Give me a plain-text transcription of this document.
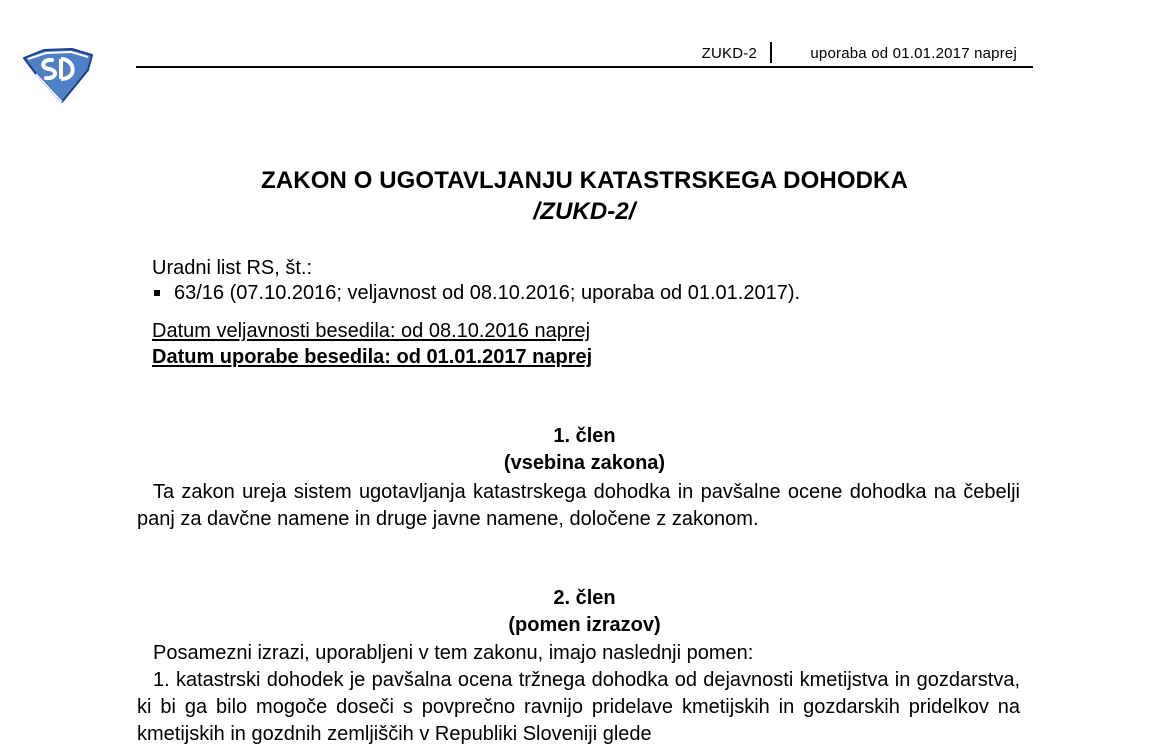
ZUKD-2	uporaba od 01.01.2017 naprej
ZAKON O UGOTAVLJANJU KATASTRSKEGA DOHODKA
/ZUKD-2/
Uradni list RS, št.:
63/16 (07.10.2016; veljavnost od 08.10.2016; uporaba od 01.01.2017).
Datum veljavnosti besedila: od 08.10.2016 naprej
Datum uporabe besedila: od 01.01.2017 naprej
1. člen
(vsebina zakona)

Ta zakon ureja sistem ugotavljanja katastrskega dohodka in pavšalne ocene dohodka na čebelji panj za davčne namene in druge javne namene, določene z zakonom.

2. člen
(pomen izrazov)

Posamezni izrazi, uporabljeni v tem zakonu, imajo naslednji pomen:

1. katastrski dohodek je pavšalna ocena tržnega dohodka od dejavnosti kmetijstva in gozdarstva, ki bi ga bilo mogoče doseči s povprečno ravnijo pridelave kmetijskih in gozdarskih pridelkov na kmetijskih in gozdnih zemljiščih v Republiki Sloveniji glede
